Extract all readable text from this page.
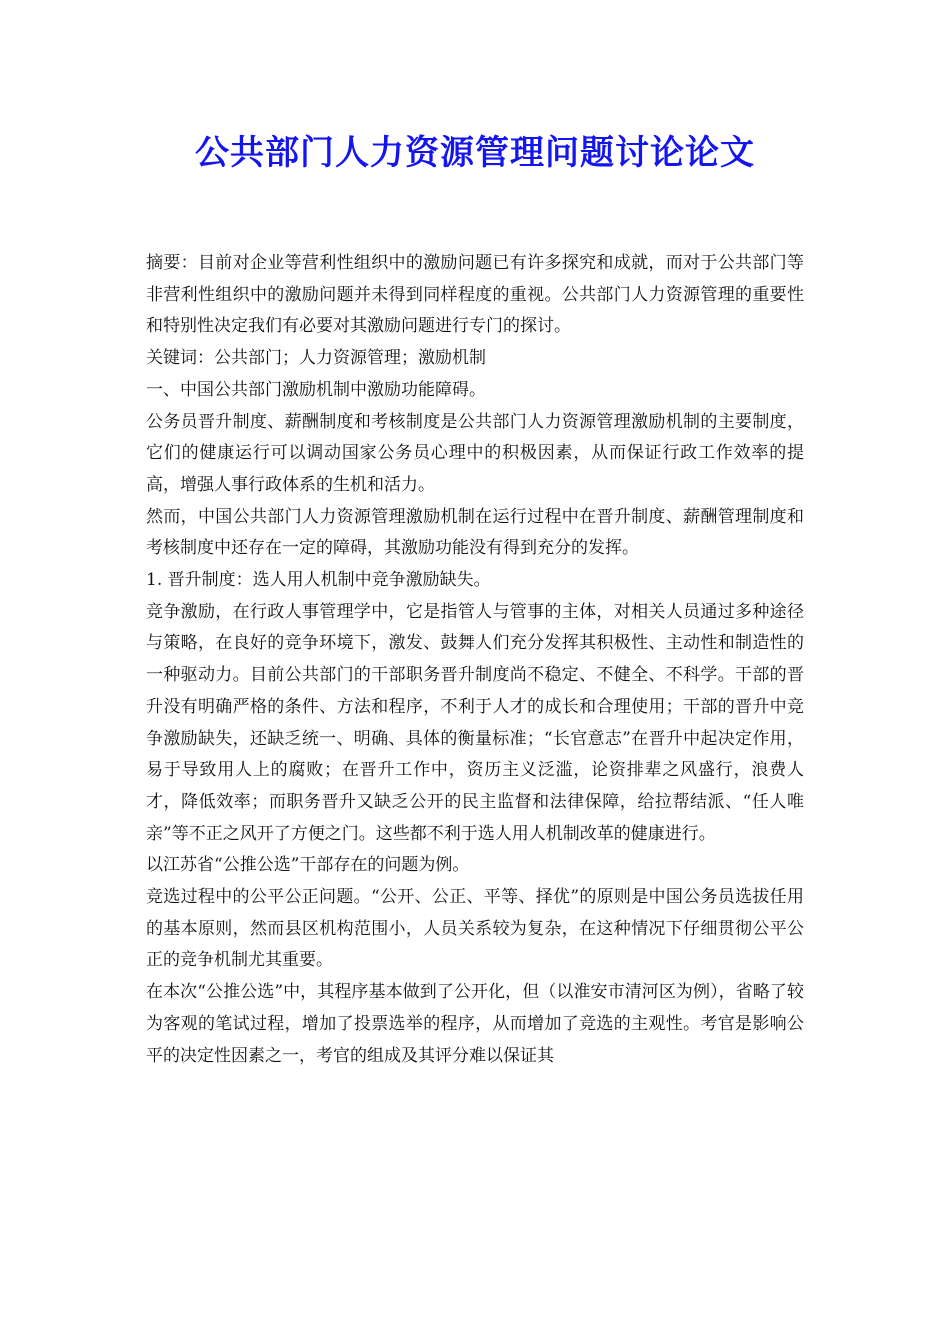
公共部门人力资源管理问题讨论论文

摘要：目前对企业等营利性组织中的激励问题已有许多探究和成就，而对于公共部门等非营利性组织中的激励问题并未得到同样程度的重视。公共部门人力资源管理的重要性和特别性决定我们有必要对其激励问题进行专门的探讨。

关键词：公共部门；人力资源管理；激励机制

一、中国公共部门激励机制中激励功能障碍。

公务员晋升制度、薪酬制度和考核制度是公共部门人力资源管理激励机制的主要制度，它们的健康运行可以调动国家公务员心理中的积极因素，从而保证行政工作效率的提高，增强人事行政体系的生机和活力。

然而，中国公共部门人力资源管理激励机制在运行过程中在晋升制度、薪酬管理制度和考核制度中还存在一定的障碍，其激励功能没有得到充分的发挥。

1. 晋升制度：选人用人机制中竞争激励缺失。

竞争激励，在行政人事管理学中，它是指管人与管事的主体，对相关人员通过多种途径与策略，在良好的竞争环境下，激发、鼓舞人们充分发挥其积极性、主动性和制造性的一种驱动力。目前公共部门的干部职务晋升制度尚不稳定、不健全、不科学。干部的晋升没有明确严格的条件、方法和程序，不利于人才的成长和合理使用；干部的晋升中竞争激励缺失，还缺乏统一、明确、具体的衡量标准；“长官意志”在晋升中起决定作用，易于导致用人上的腐败；在晋升工作中，资历主义泛滥，论资排辈之风盛行，浪费人才，降低效率；而职务晋升又缺乏公开的民主监督和法律保障，给拉帮结派、“任人唯亲”等不正之风开了方便之门。这些都不利于选人用人机制改革的健康进行。

以江苏省“公推公选”干部存在的问题为例。

竞选过程中的公平公正问题。“公开、公正、平等、择优”的原则是中国公务员选拔任用的基本原则，然而县区机构范围小，人员关系较为复杂，在这种情况下仔细贯彻公平公正的竞争机制尤其重要。

在本次“公推公选”中，其程序基本做到了公开化，但（以淮安市清河区为例），省略了较为客观的笔试过程，增加了投票选举的程序，从而增加了竞选的主观性。考官是影响公平的决定性因素之一，考官的组成及其评分难以保证其
